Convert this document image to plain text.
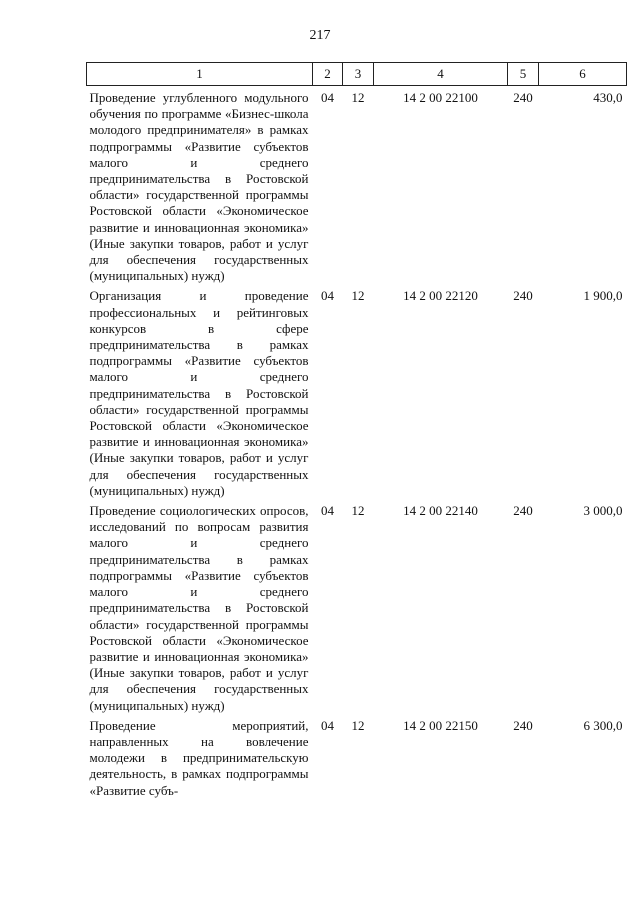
217
1	2	3	4	5	6
Проведение углубленного модульного обучения по программе «Бизнес-школа молодого предпринимателя» в рамках подпрограммы «Развитие субъектов малого и среднего предпринимательства в Ростовской области» государственной программы Ростовской области «Экономическое развитие и инновационная экономика» (Иные закупки товаров, работ и услуг для обеспечения государственных (муниципальных) нужд)	04	12	14 2 00 22100	240	430,0
Организация и проведение профессиональных и рейтинговых конкурсов в сфере предпринимательства в рамках подпрограммы «Развитие субъектов малого и среднего предпринимательства в Ростовской области» государственной программы Ростовской области «Экономическое развитие и инновационная экономика» (Иные закупки товаров, работ и услуг для обеспечения государственных (муниципальных) нужд)	04	12	14 2 00 22120	240	1 900,0
Проведение социологических опросов, исследований по вопросам развития малого и среднего предпринимательства в рамках подпрограммы «Развитие субъектов малого и среднего предпринимательства в Ростовской области» государственной программы Ростовской области «Экономическое развитие и инновационная экономика» (Иные закупки товаров, работ и услуг для обеспечения государственных (муниципальных) нужд)	04	12	14 2 00 22140	240	3 000,0
Проведение мероприятий, направленных на вовлечение молодежи в предпринимательскую деятельность, в рамках подпрограммы «Развитие субъ-	04	12	14 2 00 22150	240	6 300,0
